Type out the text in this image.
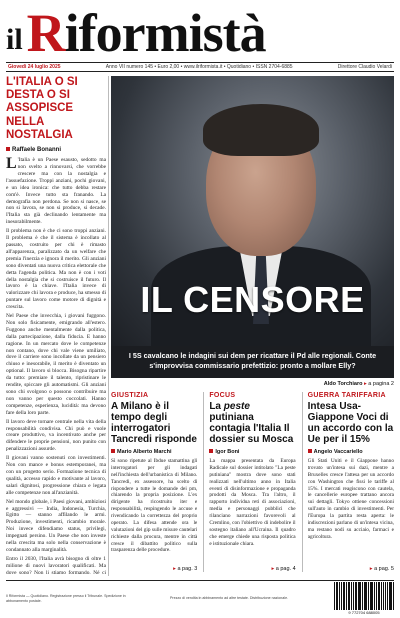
il Riformistà
Giovedì 24 luglio 2025	Anno VII numero 145 • Euro 2,00 • www.ilriformista.it • Quotidiano • ISSN 2704-6885	Direttore Claudio Velardi
L'ITALIA O SI DESTA O SI ASSOPISCE NELLA NOSTALGIA
Raffaele Bonanni

L 'Italia è un Paese esausto, sedotto ma non svelto a rinnovarsi, che vorrebbe crescere ma con la nostalgia e l'assuefazione. Troppi anziani, pochi giovani, e un idea ironica: che tutto debba restare com'è. Invece tutto sta franando. La demografia non perdona. Se non si nasce, se non si lavora, se non si produce, si decade. I'Italia sta già declinando lentamente ma inesorabilmente.

Il problema non è che ci sono troppi anziani. Il problema è che il sistema è incollato al passato, costruito per chi è rimasto all'apparenza, paralizzato da un welfare che premia l'inerzia e ignora il merito. Gli anziani sono diventati una nuova critica elettorale che detta l'agenda politica. Ma non è con i voti della nostalgia che si costruisce il futuro. Il lavoro è la chiave. I'Italia invece di valorizzare chi lavora e produce, ha smesso di puntare sul lavoro come motore di dignità e crescita.

Nel Paese che invecchia, i giovani fuggono. Non solo fisicamente, emigrando all'estero. Fuggono anche mentalmente dalla politica, dalla partecipazione, dalla fiducia. E hanno ragione. In un mercato dove le competenze non contano, dove chi vale viene umiliato, dove il carriere sono incollate da un pensiero chiuso e inesorabile, il merito è diventato un optional. Il lavoro si blocca. Bisogna ripartire da tutto: premiare il talento, ripristinare le rendite, spiccare gli automatismi. Gli anziani sono chi svolgono o possono contribuire ma non vanno per questo coccolati. Hanno competenze, esperienza, lucidità: ma devono fare della loro parte.

Il lavoro deve tornare centrale nella vita della responsabilità condivisa. Chi può e vuole creare produttivo, va incentivato anche per difendere le proprie pensioni, non punito con penalizzazioni assurde.

Il giovani vanno sostenuti con investimenti. Non con mance e bonus estemporanei, ma con un progetto serio. Formazione tecnica di qualità, accesso rapido e motivante al lavoro, salari dignitosi, progressione chiara e legata alle competenze non all'anzianità.

Nel mondo globale, i Paesi giovani, ambiziosi e aggressivi — India, Indonesia, Turchia, Egitto — stanno affilando le armi. Produzione, investimenti, ricambio morale. Noi invece difendiamo status, privilegi, impegnati persino. Un Paese che non investe nella crescita ma solo nella conservazione è condannato alla marginalità.

Entro il 2030, l'Italia avrà bisogno di oltre 1 milione di nuovi lavoratori qualificati. Ma dove sono? Non li stiamo formando. Né ci

IL CENSORE
I 5S cavalcano le indagini sui dem per ricattare il Pd alle regionali. Conte s'improvvisa commissario prefettizio: pronto a mollare Elly?
Aldo Torchiaro ▸ a pagina 2
GIUSTIZIA
A Milano è il tempo degli interrogatori Tancredi risponde
Mario Alberto Marchi
Sì sono ripetute al Ibdue stamattina gli interrogatori per gli indagati nell'inchiesta dell'urbanistica di Milano. Tancredi, ex assessore, ha scelto di rispondere a tutte le domande dei pm, chiarendo la propria posizione. L'ex dirigente ha ricostruito iter e responsabilità, respingendo le accuse e rivendicando la correttezza del proprio operato. La difesa attende ora le valutazioni del gip sulle misure cautelari richieste dalla procura, mentre in città cresce il dibattito politico sulla trasparenza delle procedure.
▸ a pag. 3
FOCUS
La peste putiniana contagia l'Italia Il dossier su Mosca
Igor Boni
La mappa presentata da Europa Radicale sul dossier intitolato "La peste putiniana" mostra dove sono stati realizzati nell'ultimo anno in Italia eventi di disinformazione e propaganda prodotti da Mosca. Tra l'altro, il rapporto individua reti di associazioni, media e personaggi pubblici che rilanciano narrazioni favorevoli al Cremlino, con l'obiettivo di indebolire il sostegno italiano all'Ucraina. Il quadro che emerge chiede una risposta politica e istituzionale chiara.
▸ a pag. 4
GUERRA TARIFFARIA
Intesa Usa-Giappone Voci di un accordo con la Ue per il 15%
Angelo Vaccariello
Gli Stati Uniti e il Giappone hanno trovato un'intesa sui dazi, mentre a Bruxelles cresce l'attesa per un accordo con Washington che fissi le tariffe al 15%. I mercati reagiscono con cautela, le cancellerie europee trattano ancora sui dettagli. Tokyo ottiene concessioni sull'auto in cambio di investimenti. Per l'Europa la partita resta aperta: le indiscrezioni parlano di un'intesa vicina, ma restano nodi su acciaio, farmaci e agricoltura.
▸ a pag. 5
Il Riformista — Quotidiano. Registrazione presso il Tribunale. Spedizione in abbonamento postale.
Prezzo di vendita in abbinamento ad altre testate. Distribuzione nazionale.
9 772704 688005
